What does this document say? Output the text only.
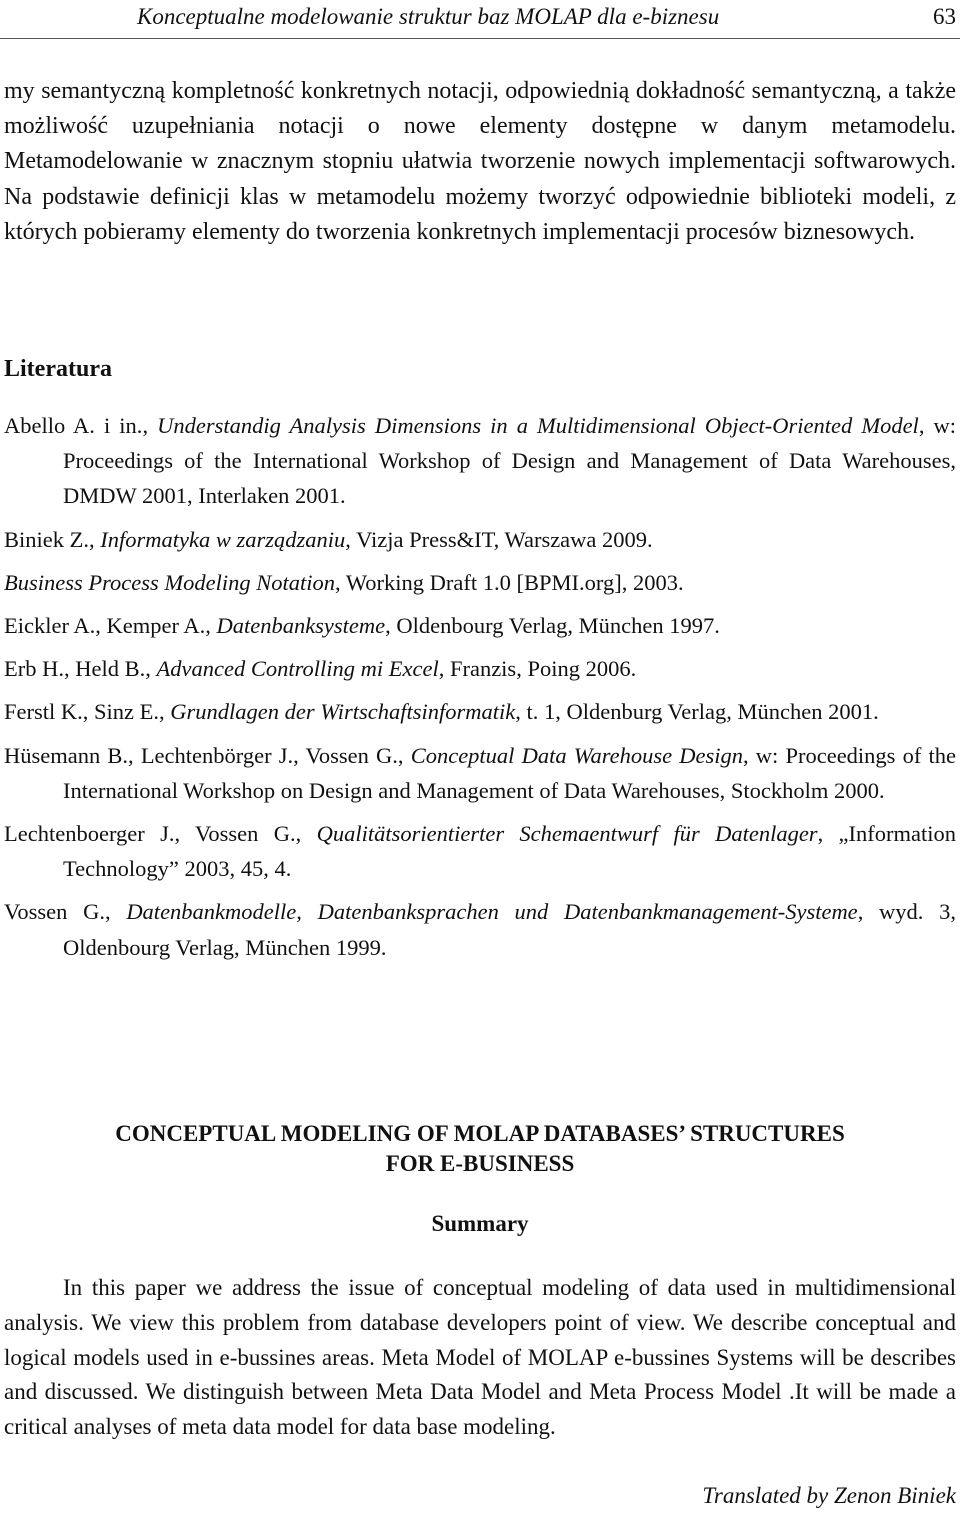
Konceptualne modelowanie struktur baz MOLAP dla e-biznesu	63

my semantyczną kompletność konkretnych notacji, odpowiednią dokładność semantyczną, a także możliwość uzupełniania notacji o nowe elementy dostępne w danym metamodelu. Metamodelowanie w znacznym stopniu ułatwia tworzenie nowych implementacji softwarowych. Na podstawie definicji klas w metamodelu możemy tworzyć odpowiednie biblioteki modeli, z których pobieramy elementy do tworzenia konkretnych implementacji procesów biznesowych.

Literatura
Abello A. i in., Understandig Analysis Dimensions in a Multidimensional Object-Oriented Model, w: Proceedings of the International Workshop of Design and Management of Data Warehouses, DMDW 2001, Interlaken 2001.
Biniek Z., Informatyka w zarządzaniu, Vizja Press&IT, Warszawa 2009.
Business Process Modeling Notation, Working Draft 1.0 [BPMI.org], 2003.
Eickler A., Kemper A., Datenbanksysteme, Oldenbourg Verlag, München 1997.
Erb H., Held B., Advanced Controlling mi Excel, Franzis, Poing 2006.
Ferstl K., Sinz E., Grundlagen der Wirtschaftsinformatik, t. 1, Oldenburg Verlag, München 2001.
Hüsemann B., Lechtenbörger J., Vossen G., Conceptual Data Warehouse Design, w: Proceedings of the International Workshop on Design and Management of Data Warehouses, Stockholm 2000.
Lechtenboerger J., Vossen G., Qualitätsorientierter Schemaentwurf für Datenlager, „Information Technology” 2003, 45, 4.
Vossen G., Datenbankmodelle, Datenbanksprachen und Datenbankmanagement-Systeme, wyd. 3, Oldenbourg Verlag, München 1999.
CONCEPTUAL MODELING OF MOLAP DATABASES’ STRUCTURES
FOR E-BUSINESS
Summary

In this paper we address the issue of conceptual modeling of data used in multidimensional analysis. We view this problem from database developers point of view. We describe conceptual and logical models used in e-bussines areas. Meta Model of MOLAP e-bussines Systems will be describes and discussed. We distinguish between Meta Data Model and Meta Process Model .It will be made a critical analyses of meta data model for data base modeling.

Translated by Zenon Biniek
